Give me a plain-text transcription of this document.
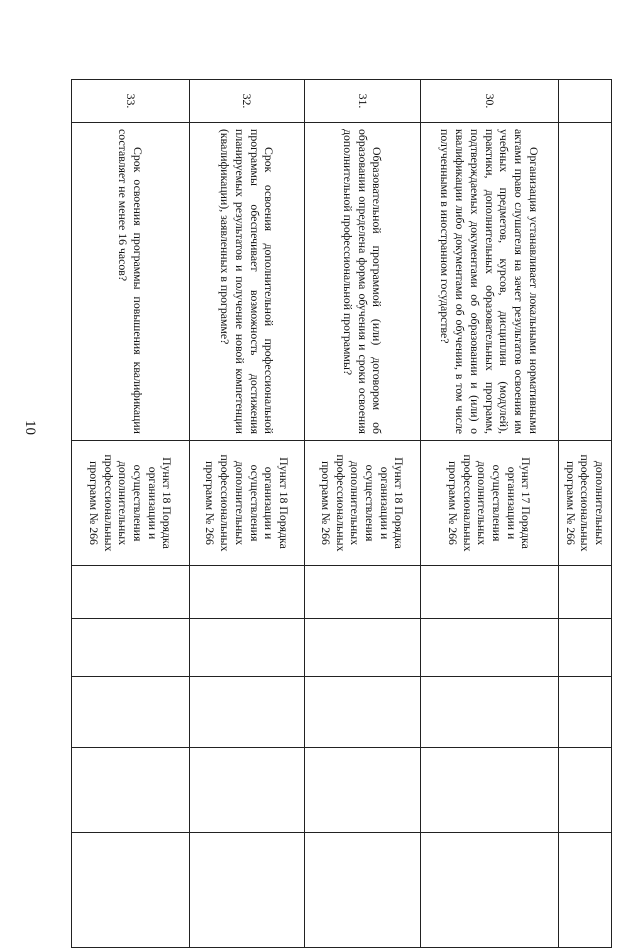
10
		дополнительных профессиональных программ № 266					
30.	Организация устанавливает локальными нормативными актами право слушателя на зачет результатов освоения им учебных предметов, курсов, дисциплин (модулей), практики, дополнительных образовательных программ, подтверждаемых документами об образовании и (или) о квалификации либо документами об обучении, в том числе полученными в иностранном государстве?	Пункт 17 Порядка организации и осуществления дополнительных профессиональных программ № 266					
31.	Образовательной программой (или) договором об образовании определена форма обучения и сроки освоения дополнительной профессиональной программы?	Пункт 18 Порядка организации и осуществления дополнительных профессиональных программ № 266					
32.	Срок освоения дополнительной профессиональной программы обеспечивает возможность достижения планируемых результатов и получение новой компетенции (квалификации), заявленных в программе?	Пункт 18 Порядка организации и осуществления дополнительных профессиональных программ № 266					
33.	Срок освоения программы повышения квалификации составляет не менее 16 часов?	Пункт 18 Порядка организации и осуществления дополнительных профессиональных программ № 266					
